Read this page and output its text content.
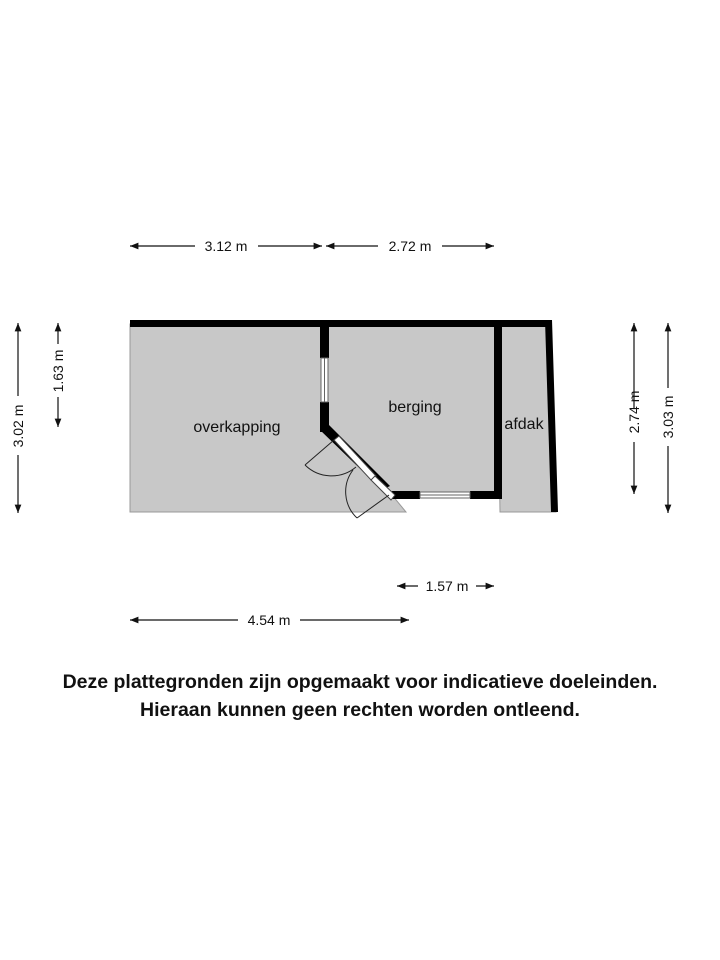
3.12 m	2.72 m
3.02 m
1.63 m
2.74 m 3.03 m
1.57 m
4.54 m
overkapping
berging
afdak
Deze plattegronden zijn opgemaakt voor indicatieve doeleinden.
Hieraan kunnen geen rechten worden ontleend.
